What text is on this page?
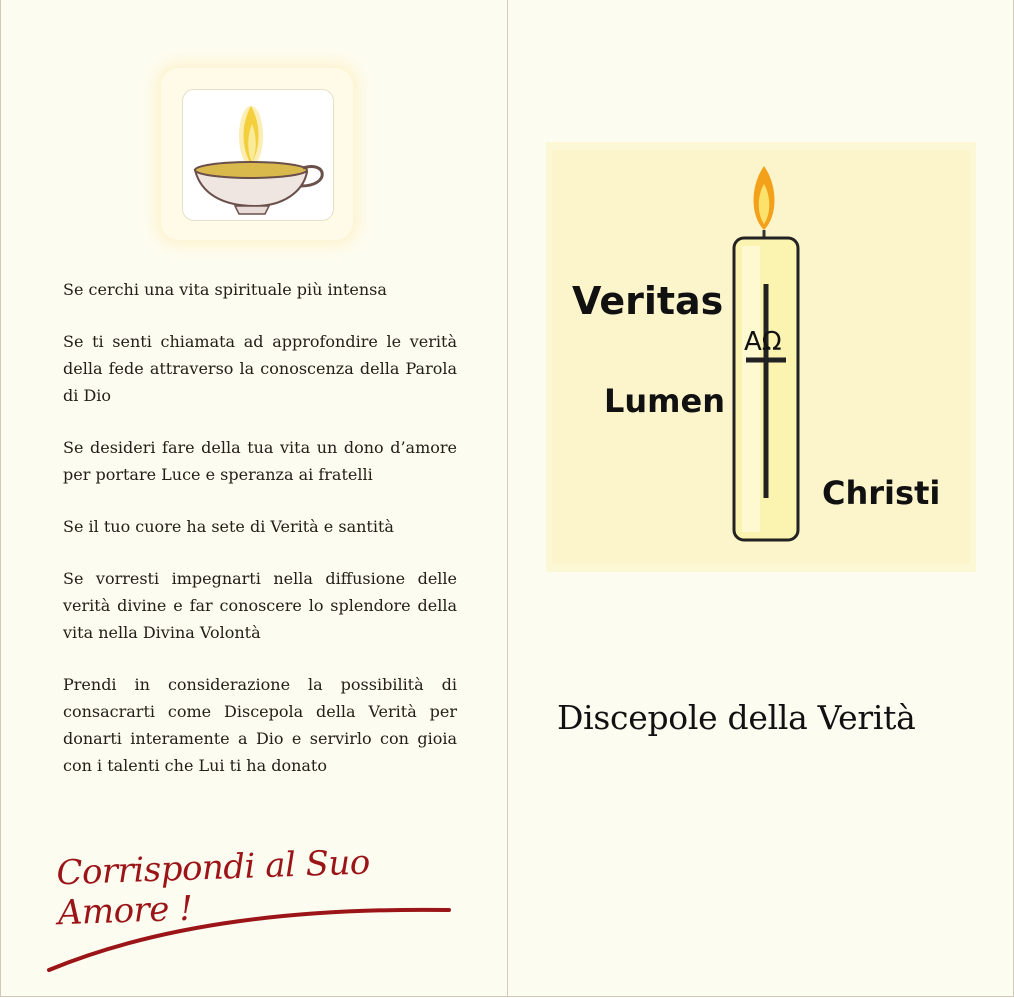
Se cerchi una vita spirituale più intensa

Se ti senti chiamata ad approfondire le verità della fede attraverso la conoscenza della Parola di Dio

Se desideri fare della tua vita un dono d’amore per portare Luce e speranza ai fratelli

Se il tuo cuore ha sete di Verità e santità

Se vorresti impegnarti nella diffusione delle verità divine e far conoscere lo splendore della vita nella Divina Volontà

Prendi in considerazione la possibilità di consacrarti come Discepola della Verità per donarti interamente a Dio e servirlo con gioia con i talenti che Lui ti ha donato

Corrispondi al Suo Amore !
AΩ
Veritas
Lumen
Christi
Discepole della Verità
